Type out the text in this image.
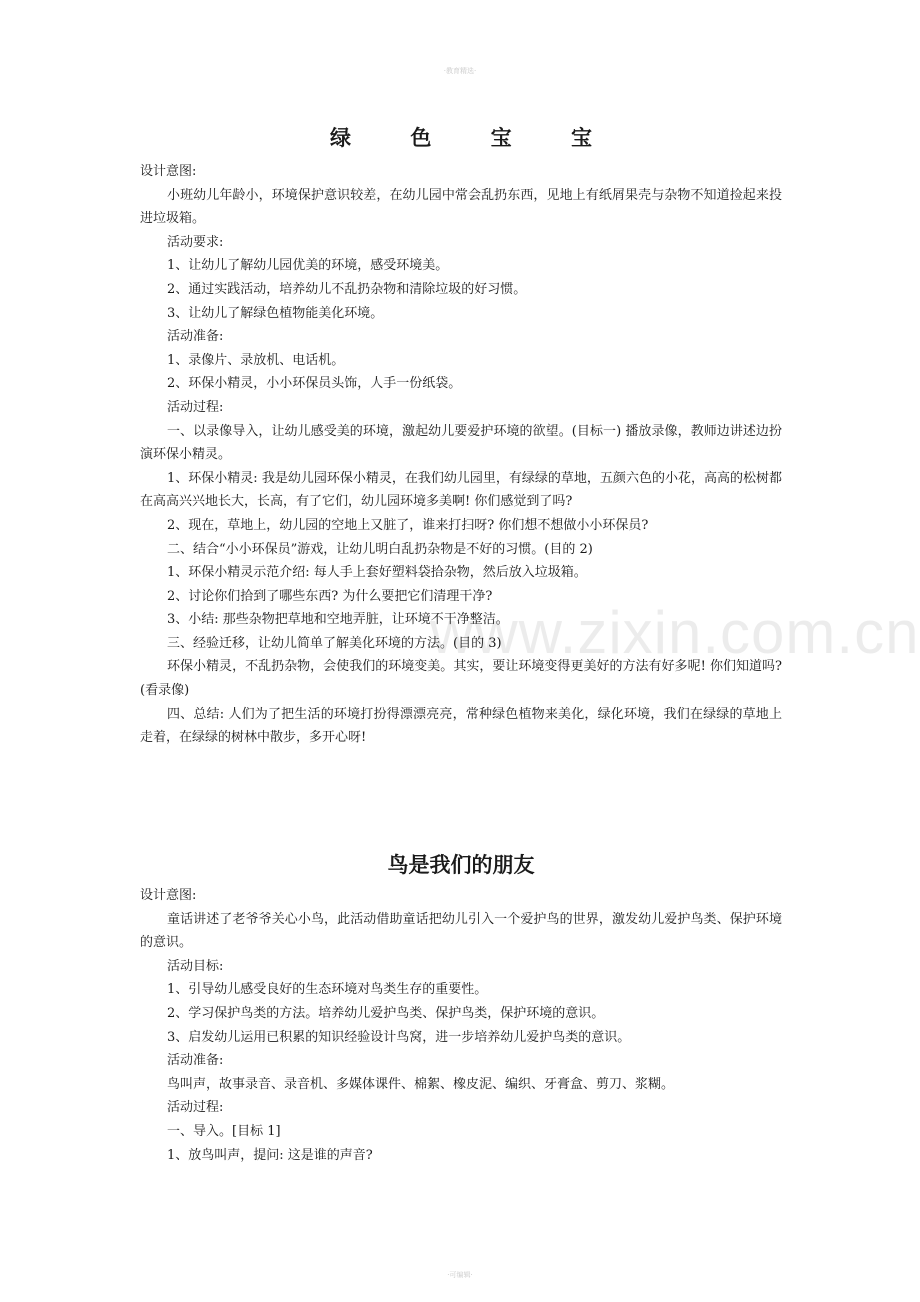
·教育精选·
www.zixin.com.cn
绿 色 宝 宝

设计意图:

小班幼儿年龄小，环境保护意识较差，在幼儿园中常会乱扔东西，见地上有纸屑果壳与杂物不知道捡起来投进垃圾箱。

活动要求:

1、让幼儿了解幼儿园优美的环境，感受环境美。

2、通过实践活动，培养幼儿不乱扔杂物和清除垃圾的好习惯。

3、让幼儿了解绿色植物能美化环境。

活动准备:

1、录像片、录放机、电话机。

2、环保小精灵，小小环保员头饰，人手一份纸袋。

活动过程:

一、以录像导入，让幼儿感受美的环境，激起幼儿要爱护环境的欲望。(目标一) 播放录像，教师边讲述边扮演环保小精灵。

1、环保小精灵: 我是幼儿园环保小精灵，在我们幼儿园里，有绿绿的草地，五颜六色的小花，高高的松树都在高高兴兴地长大，长高，有了它们，幼儿园环境多美啊! 你们感觉到了吗?

2、现在，草地上，幼儿园的空地上又脏了，谁来打扫呀? 你们想不想做小小环保员?

二、结合“小小环保员”游戏，让幼儿明白乱扔杂物是不好的习惯。(目的 2)

1、环保小精灵示范介绍: 每人手上套好塑料袋拾杂物，然后放入垃圾箱。

2、讨论你们拾到了哪些东西? 为什么要把它们清理干净?

3、小结: 那些杂物把草地和空地弄脏，让环境不干净整洁。

三、经验迁移，让幼儿简单了解美化环境的方法。(目的 3)

环保小精灵，不乱扔杂物，会使我们的环境变美。其实，要让环境变得更美好的方法有好多呢! 你们知道吗? (看录像)

四、总结: 人们为了把生活的环境打扮得漂漂亮亮，常种绿色植物来美化，绿化环境，我们在绿绿的草地上走着，在绿绿的树林中散步，多开心呀!

鸟是我们的朋友

设计意图:

童话讲述了老爷爷关心小鸟，此活动借助童话把幼儿引入一个爱护鸟的世界，激发幼儿爱护鸟类、保护环境的意识。

活动目标:

1、引导幼儿感受良好的生态环境对鸟类生存的重要性。

2、学习保护鸟类的方法。培养幼儿爱护鸟类、保护鸟类，保护环境的意识。

3、启发幼儿运用已积累的知识经验设计鸟窝，进一步培养幼儿爱护鸟类的意识。

活动准备:

鸟叫声，故事录音、录音机、多媒体课件、棉絮、橡皮泥、编织、牙膏盒、剪刀、浆糊。

活动过程:

一、导入。[目标 1]

1、放鸟叫声，提问: 这是谁的声音?

·可编辑·
